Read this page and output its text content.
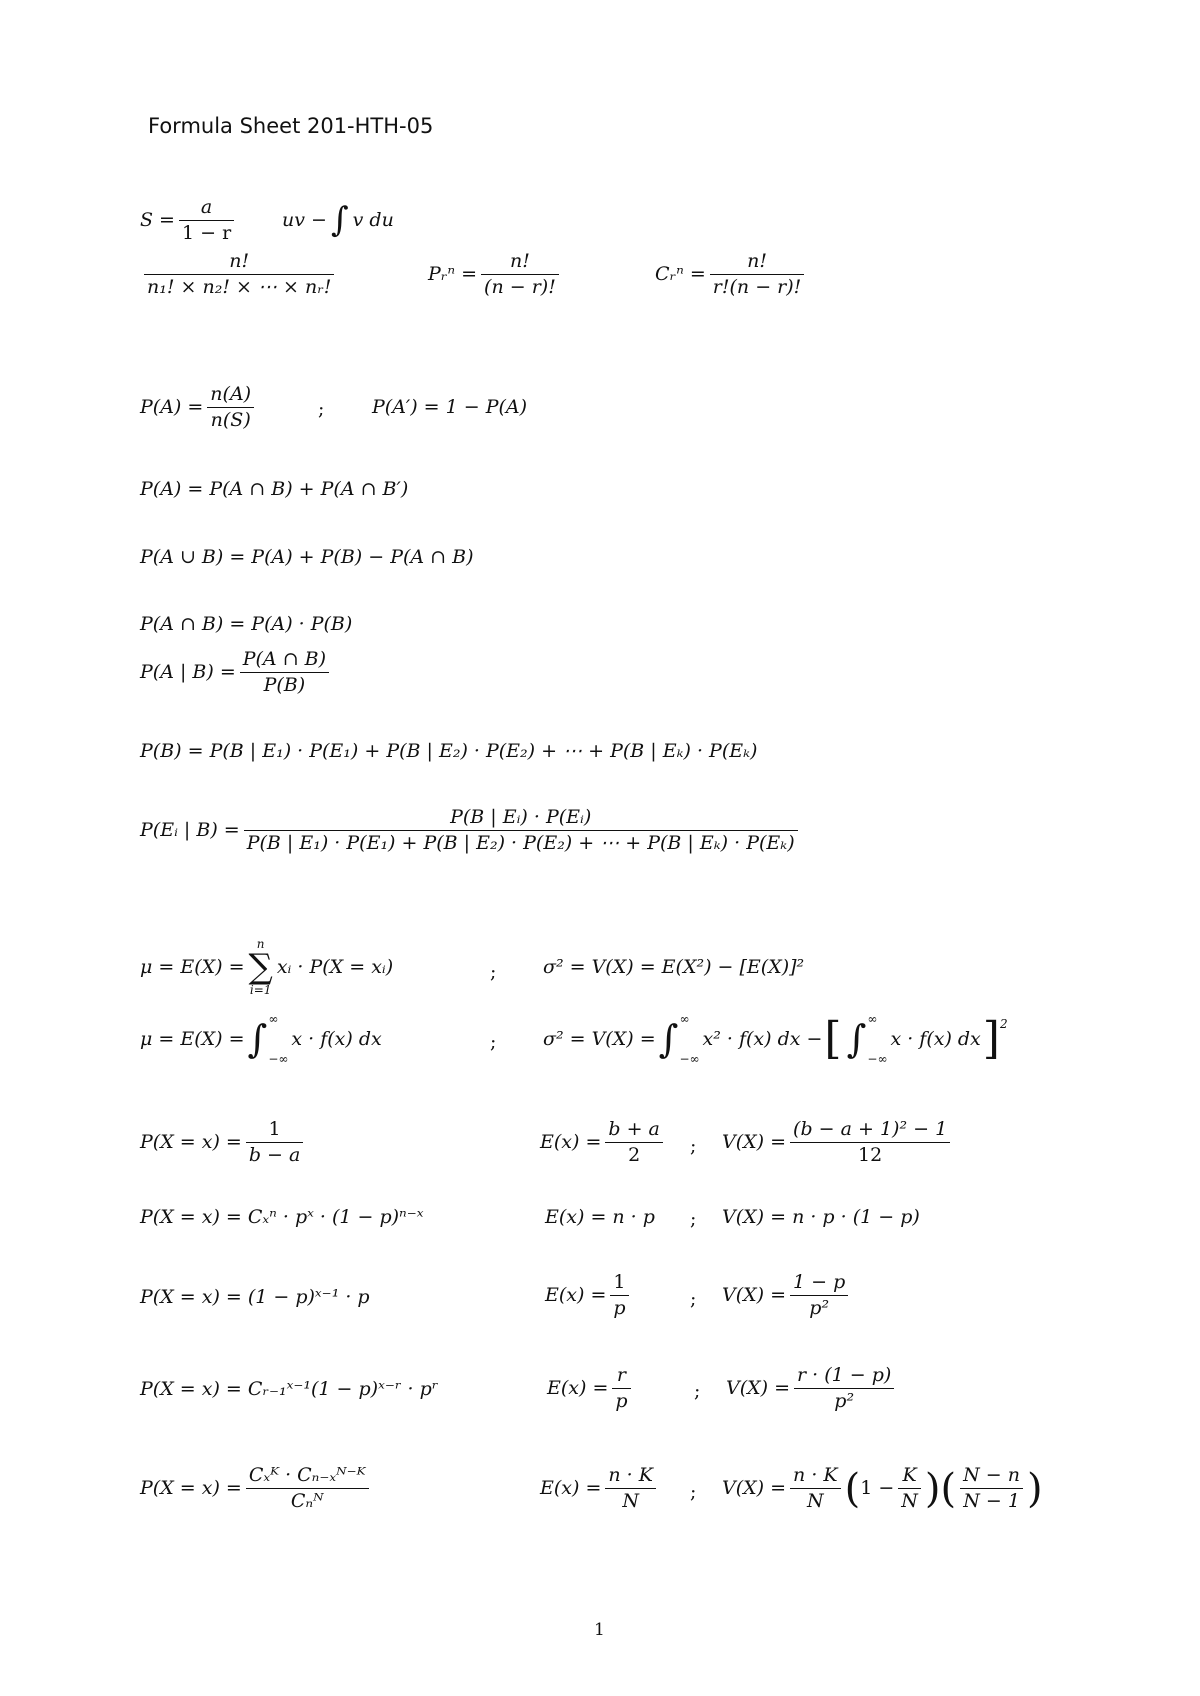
Formula Sheet 201-HTH-05
$S = \frac{a}{1 - r}$	uv − ∫ v du
$\frac{n!}{\text{n₁! × n₂! × ⋯ × nᵣ!}}$	Pᵣⁿ = $\frac{n!}{(n - r)!}$	Cᵣⁿ = $\frac{n!}{r!(n - r)!}$
$P(A) = \frac{n(A)}{n(S)}$	;	P(A′) = 1 − P(A)
P(A) = P(A ∩ B) + P(A ∩ B′)
P(A ∪ B) = P(A) + P(B) − P(A ∩ B)
P(A ∩ B) = P(A) · P(B)
P(A | $B) = \frac{P(A \cap B)}{P(B)}$
P(B) = P(B | E₁) · P(E₁) + P(B | E₂) · P(E₂) + ⋯ + P(B | Eₖ) · P(Eₖ)
P(Eᵢ | B) =
P(B | Eᵢ) · P(Eᵢ)
P(B | E₁) · P(E₁) + P(B | E₂) · P(E₂) + ⋯ + P(B | Eₖ) · P(Eₖ)
μ = E(X) =
n
∑
i=1
xᵢ · P(X = xᵢ)	; σ² = V(X) = E(X²) − [E(X)]²
μ = E(X) = ∫ ∞
−∞
x · f(x) dx	; σ² = V(X) = ∫ ∞
−∞
x² · f(x) dx − [ ∫ ∞
−∞
x · f(x) dx ] 2
$P(X = x) = \frac{1}{b - a}$	$E(x) = \frac{b + a}{2}$ ; $V(X) = \frac{\text{(b − a + 1)² − 1}}{12}$
P(X = x) = Cₓⁿ · pˣ · (1 − p)ⁿ⁻ˣ	E(x) = n · p ; V(X) = n · p · (1 − p)
P(X = x) = (1 − p)ˣ⁻¹ · p	$E(x) = \frac{1}{p}$	; $V(X) = \frac{1 - p}{\text{p²}}$
P(X = x) = Cᵣ₋₁ˣ⁻¹(1 − p)ˣ⁻ʳ · pʳ	$E(x) = \frac{r}{p}$	; $V(X) = \frac{r \cdot (1 - p)}{\text{p²}}$
$P(X = x) = \frac{\text{Cₓᴷ · Cₙ₋ₓᴺ⁻ᴷ}}{\text{Cₙᴺ}}$	$E(x) = \frac{n \cdot K}{N}$ ; $V(X) = \frac{n \cdot K}{N}$ ( $1 - \frac{K}{N}$ ) ( $\frac{N - n}{N - 1}$ )
1
